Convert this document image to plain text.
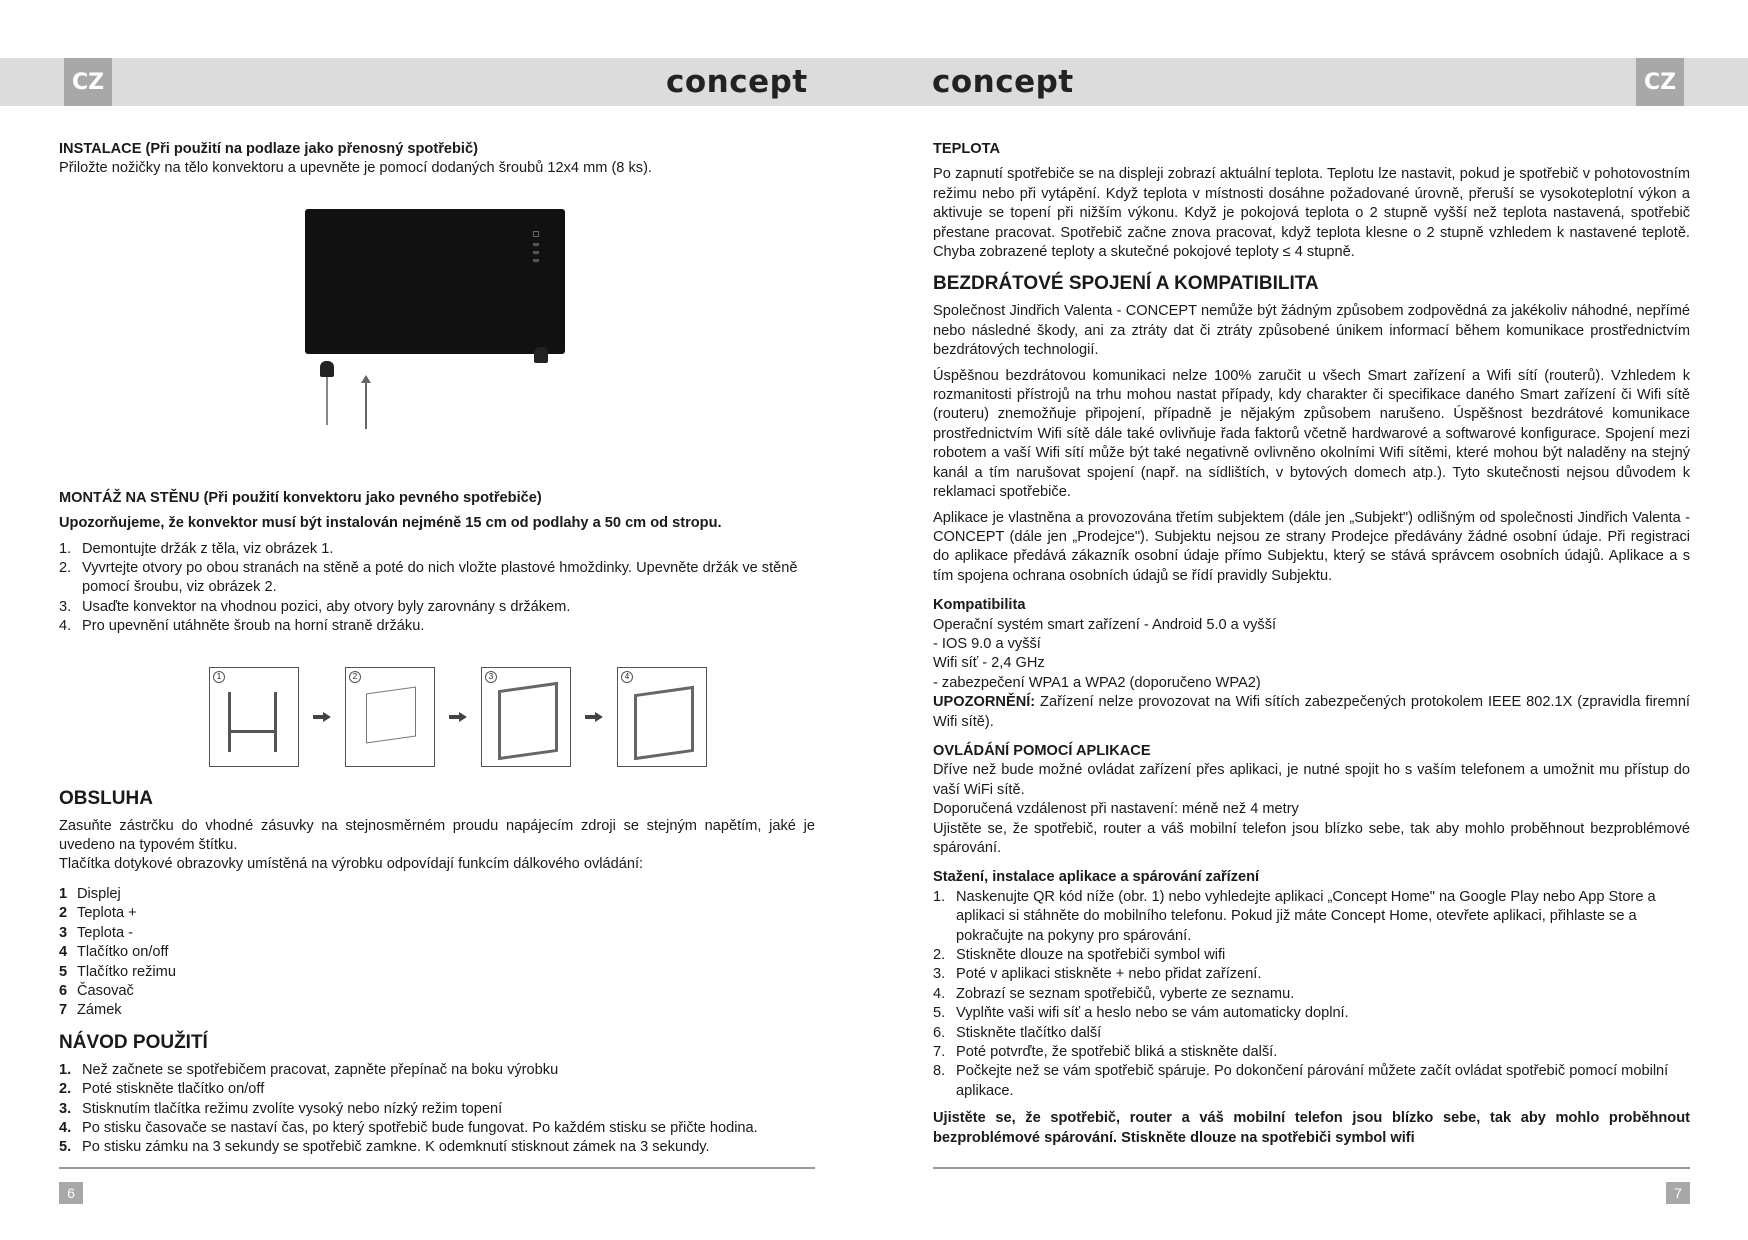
CZ	CZ
concept	concept
INSTALACE (Při použití na podlaze jako přenosný spotřebič)

Přiložte nožičky na tělo konvektoru a upevněte je pomocí dodaných šroubů 12x4 mm (8 ks).

MONTÁŽ NA STĚNU (Při použití konvektoru jako pevného spotřebiče)

Upozorňujeme, že konvektor musí být instalován nejméně 15 cm od podlahy a 50 cm od stropu.

1. Demontujte držák z těla, viz obrázek 1.
2. Vyvrtejte otvory po obou stranách na stěně a poté do nich vložte plastové hmoždinky. Upevněte držák ve stěně pomocí šroubu, viz obrázek 2.
3. Usaďte konvektor na vhodnou pozici, aby otvory byly zarovnány s držákem.
4. Pro upevnění utáhněte šroub na horní straně držáku.
1	2	3	4
OBSLUHA

Zasuňte zástrčku do vhodné zásuvky na stejnosměrném proudu napájecím zdroji se stejným napětím, jaké je uvedeno na typovém štítku.

Tlačítka dotykové obrazovky umístěná na výrobku odpovídají funkcím dálkového ovládání:

1 Displej
2 Teplota +
3 Teplota -
4 Tlačítko on/off
5 Tlačítko režimu
6 Časovač
7 Zámek
NÁVOD POUŽITÍ
1. Než začnete se spotřebičem pracovat, zapněte přepínač na boku výrobku
2. Poté stiskněte tlačítko on/off
3. Stisknutím tlačítka režimu zvolíte vysoký nebo nízký režim topení
4. Po stisku časovače se nastaví čas, po který spotřebič bude fungovat. Po každém stisku se přičte hodina.
5. Po stisku zámku na 3 sekundy se spotřebič zamkne. K odemknutí stisknout zámek na 3 sekundy.
TEPLOTA

Po zapnutí spotřebiče se na displeji zobrazí aktuální teplota. Teplotu lze nastavit, pokud je spotřebič v pohotovostním režimu nebo při vytápění. Když teplota v místnosti dosáhne požadované úrovně, přeruší se vysokoteplotní výkon a aktivuje se topení při nižším výkonu. Když je pokojová teplota o 2 stupně vyšší než teplota nastavená, spotřebič přestane pracovat. Spotřebič začne znova pracovat, když teplota klesne o 2 stupně vzhledem k nastavené teplotě. Chyba zobrazené teploty a skutečné pokojové teploty ≤ 4 stupně.

BEZDRÁTOVÉ SPOJENÍ A KOMPATIBILITA

Společnost Jindřich Valenta - CONCEPT nemůže být žádným způsobem zodpovědná za jakékoliv náhodné, nepřímé nebo následné škody, ani za ztráty dat či ztráty způsobené únikem informací během komunikace prostřednictvím bezdrátových technologií.

Úspěšnou bezdrátovou komunikaci nelze 100% zaručit u všech Smart zařízení a Wifi sítí (routerů). Vzhledem k rozmanitosti přístrojů na trhu mohou nastat případy, kdy charakter či specifikace daného Smart zařízení či Wifi sítě (routeru) znemožňuje připojení, případně je nějakým způsobem narušeno. Úspěšnost bezdrátové komunikace prostřednictvím Wifi sítě dále také ovlivňuje řada faktorů včetně hardwarové a softwarové konfigurace. Spojení mezi robotem a vaší Wifi sítí může být také negativně ovlivněno okolními Wifi sítěmi, které mohou být naladěny na stejný kanál a tím narušovat spojení (např. na sídlištích, v bytových domech atp.). Tyto skutečnosti nejsou důvodem k reklamaci spotřebiče.

Aplikace je vlastněna a provozována třetím subjektem (dále jen „Subjekt") odlišným od společnosti Jindřich Valenta - CONCEPT (dále jen „Prodejce"). Subjektu nejsou ze strany Prodejce předávány žádné osobní údaje. Při registraci do aplikace předává zákazník osobní údaje přímo Subjektu, který se stává správcem osobních údajů. Aplikace a s tím spojena ochrana osobních údajů se řídí pravidly Subjektu.

Kompatibilita
Operační systém smart zařízení - Android 5.0 a vyšší
- IOS 9.0 a vyšší
Wifi síť - 2,4 GHz
- zabezpečení WPA1 a WPA2 (doporučeno WPA2)

UPOZORNĚNÍ: Zařízení nelze provozovat na Wifi sítích zabezpečených protokolem IEEE 802.1X (zpravidla firemní Wifi sítě).

OVLÁDÁNÍ POMOCÍ APLIKACE

Dříve než bude možné ovládat zařízení přes aplikaci, je nutné spojit ho s vaším telefonem a umožnit mu přístup do vaší WiFi sítě.

Doporučená vzdálenost při nastavení: méně než 4 metry

Ujistěte se, že spotřebič, router a váš mobilní telefon jsou blízko sebe, tak aby mohlo proběhnout bezproblémové spárování.

Stažení, instalace aplikace a spárování zařízení
1. Naskenujte QR kód níže (obr. 1) nebo vyhledejte aplikaci „Concept Home" na Google Play nebo App Store a aplikaci si stáhněte do mobilního telefonu. Pokud již máte Concept Home, otevřete aplikaci, přihlaste se a pokračujte na pokyny pro spárování.
2. Stiskněte dlouze na spotřebiči symbol wifi
3. Poté v aplikaci stiskněte + nebo přidat zařízení.
4. Zobrazí se seznam spotřebičů, vyberte ze seznamu.
5. Vyplňte vaši wifi síť a heslo nebo se vám automaticky doplní.
6. Stiskněte tlačítko další
7. Poté potvrďte, že spotřebič bliká a stiskněte další.
8. Počkejte než se vám spotřebič spáruje. Po dokončení párování můžete začít ovládat spotřebič pomocí mobilní aplikace.

Ujistěte se, že spotřebič, router a váš mobilní telefon jsou blízko sebe, tak aby mohlo proběhnout bezproblémové spárování. Stiskněte dlouze na spotřebiči symbol wifi

6	7
